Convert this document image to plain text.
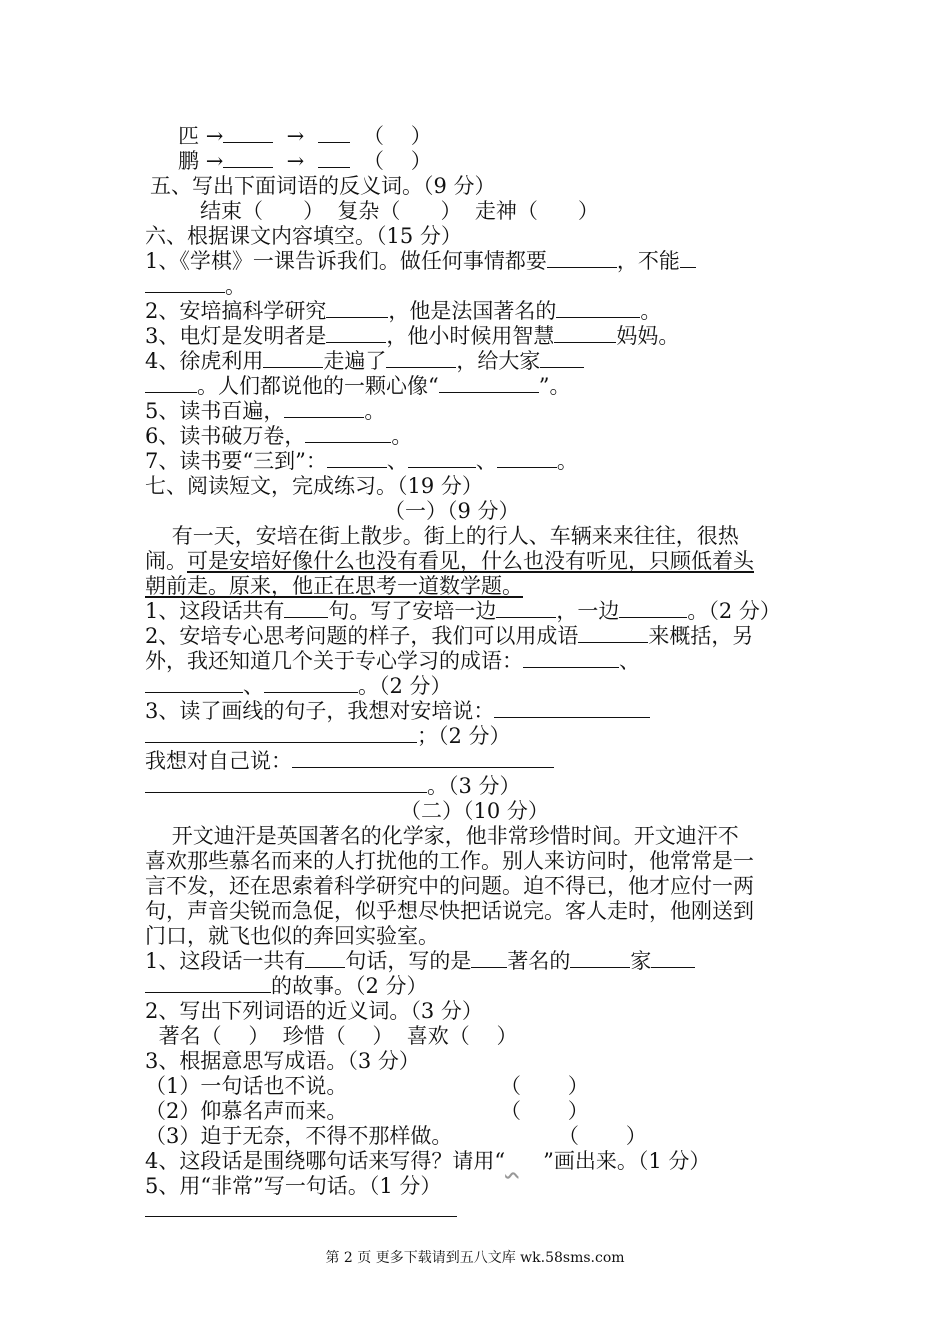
匹 →	→	（ ）
鹏 →	→	（ ）
五、写出下面词语的反义词。（9 分）
结束（ ）  复杂（ ）  走神（ ）
六、根据课文内容填空。（15 分）
1、《学棋》一课告诉我们。做任何事情都要	，不能
。
2、安培搞科学研究	，他是法国著名的	。
3、电灯是发明者是	，他小时候用智慧	妈妈。
4、徐虎利用	走遍了	，给大家
。人们都说他的一颗心像“	”。
5、读书百遍，	。
6、读书破万卷，	。
7、读书要“三到”：	、	、	。
七、阅读短文，完成练习。（19 分）
（一）（9 分）
有一天，安培在街上散步。街上的行人、车辆来来往往，很热
闹。可是安培好像什么也没有看见，什么也没有听见，只顾低着头
朝前走。原来，他正在思考一道数学题。
1、这段话共有 句。写了安培一边	，一边	。（2 分）
2、安培专心思考问题的样子，我们可以用成语	来概括，另
外，我还知道几个关于专心学习的成语：	、
、	。（2 分）
3、读了画线的句子，我想对安培说：
；（2 分）
我想对自己说：
。（3 分）
（二）（10 分）
开文迪汗是英国著名的化学家，他非常珍惜时间。开文迪汗不
喜欢那些慕名而来的人打扰他的工作。别人来访问时，他常常是一
言不发，还在思索着科学研究中的问题。迫不得已，他才应付一两
句，声音尖锐而急促，似乎想尽快把话说完。客人走时，他刚送到
门口，就飞也似的奔回实验室。
1、这段话一共有 句话，写的是 著名的	家
的故事。（2 分）
2、写出下列词语的近义词。（3 分）
著名（    ）  珍惜（    ）  喜欢（    ）
3、根据意思写成语。（3 分）
（1）一句话也不说。	（       ）
（2）仰慕名声而来。	（       ）
（3）迫于无奈，不得不那样做。	（       ）
4、这段话是围绕哪句话来写得？请用“ ”画出来。（1 分）
5、用“非常”写一句话。（1 分）
第 2 页 更多下载请到五八文库 wk.58sms.com
